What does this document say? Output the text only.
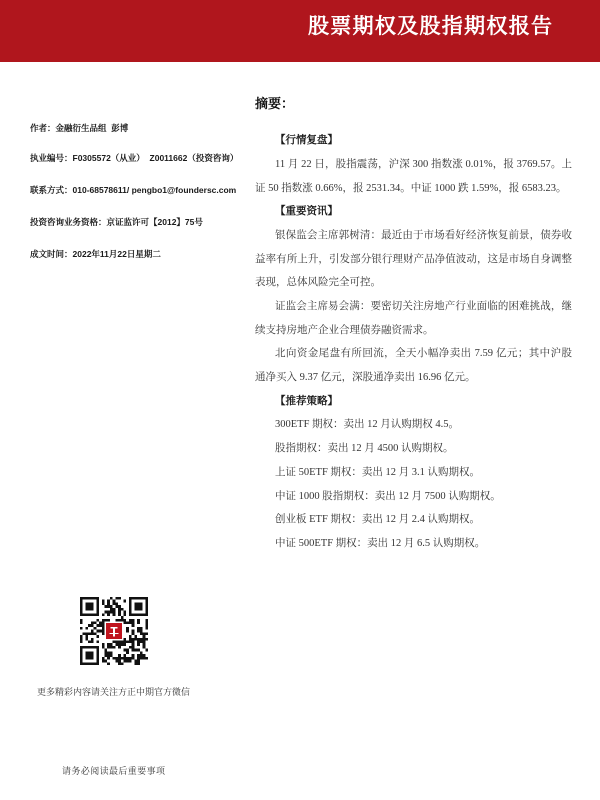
股票期权及股指期权报告
作者：金融衍生品组  彭博
执业编号：F0305572（从业）  Z0011662（投资咨询）
联系方式：010-68578611/ pengbo1@foundersc.com
投资咨询业务资格：京证监许可【2012】75号
成文时间：2022年11月22日星期二
摘要：
【行情复盘】
11 月 22 日，股指震荡，沪深 300 指数涨 0.01%，报 3769.57。上
证 50 指数涨 0.66%，报 2531.34。中证 1000 跌 1.59%，报 6583.23。
【重要资讯】
银保监会主席郭树清：最近由于市场看好经济恢复前景，债券收
益率有所上升，引发部分银行理财产品净值波动，这是市场自身调整
表现，总体风险完全可控。
证监会主席易会满：要密切关注房地产行业面临的困难挑战，继
续支持房地产企业合理债券融资需求。
北向资金尾盘有所回流，全天小幅净卖出 7.59 亿元；其中沪股
通净买入 9.37 亿元，深股通净卖出 16.96 亿元。
【推荐策略】
300ETF 期权：卖出 12 月认购期权 4.5。
股指期权：卖出 12 月 4500 认购期权。
上证 50ETF 期权：卖出 12 月 3.1 认购期权。
中证 1000 股指期权：卖出 12 月 7500 认购期权。
创业板 ETF 期权：卖出 12 月 2.4 认购期权。
中证 500ETF 期权：卖出 12 月 6.5 认购期权。
更多精彩内容请关注方正中期官方微信
请务必阅读最后重要事项
